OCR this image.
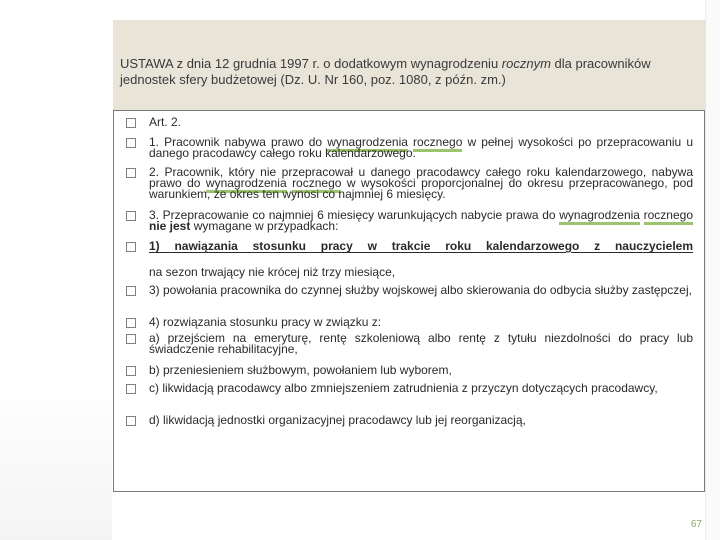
USTAWA z dnia 12 grudnia 1997 r. o dodatkowym wynagrodzeniu rocznym dla pracowników jednostek sfery budżetowej (Dz. U. Nr 160, poz. 1080, z późn. zm.)
Art. 2.
1. Pracownik nabywa prawo do wynagrodzenia rocznego w pełnej wysokości po przepracowaniu u danego pracodawcy całego roku kalendarzowego.
2. Pracownik, który nie przepracował u danego pracodawcy całego roku kalendarzowego, nabywa prawo do wynagrodzenia rocznego w wysokości proporcjonalnej do okresu przepracowanego, pod warunkiem, że okres ten wynosi co najmniej 6 miesięcy.
3. Przepracowanie co najmniej 6 miesięcy warunkujących nabycie prawa do wynagrodzenia rocznego nie jest wymagane w przypadkach:
1) nawiązania stosunku pracy w trakcie roku kalendarzowego z nauczycielem
na sezon trwający nie krócej niż trzy miesiące,
3) powołania pracownika do czynnej służby wojskowej albo skierowania do odbycia służby zastępczej,
4) rozwiązania stosunku pracy w związku z:
a) przejściem na emeryturę, rentę szkoleniową albo rentę z tytułu niezdolności do pracy lub świadczenie rehabilitacyjne,
b) przeniesieniem służbowym, powołaniem lub wyborem,
c) likwidacją pracodawcy albo zmniejszeniem zatrudnienia z przyczyn dotyczących pracodawcy,
d) likwidacją jednostki organizacyjnej pracodawcy lub jej reorganizacją,
67
